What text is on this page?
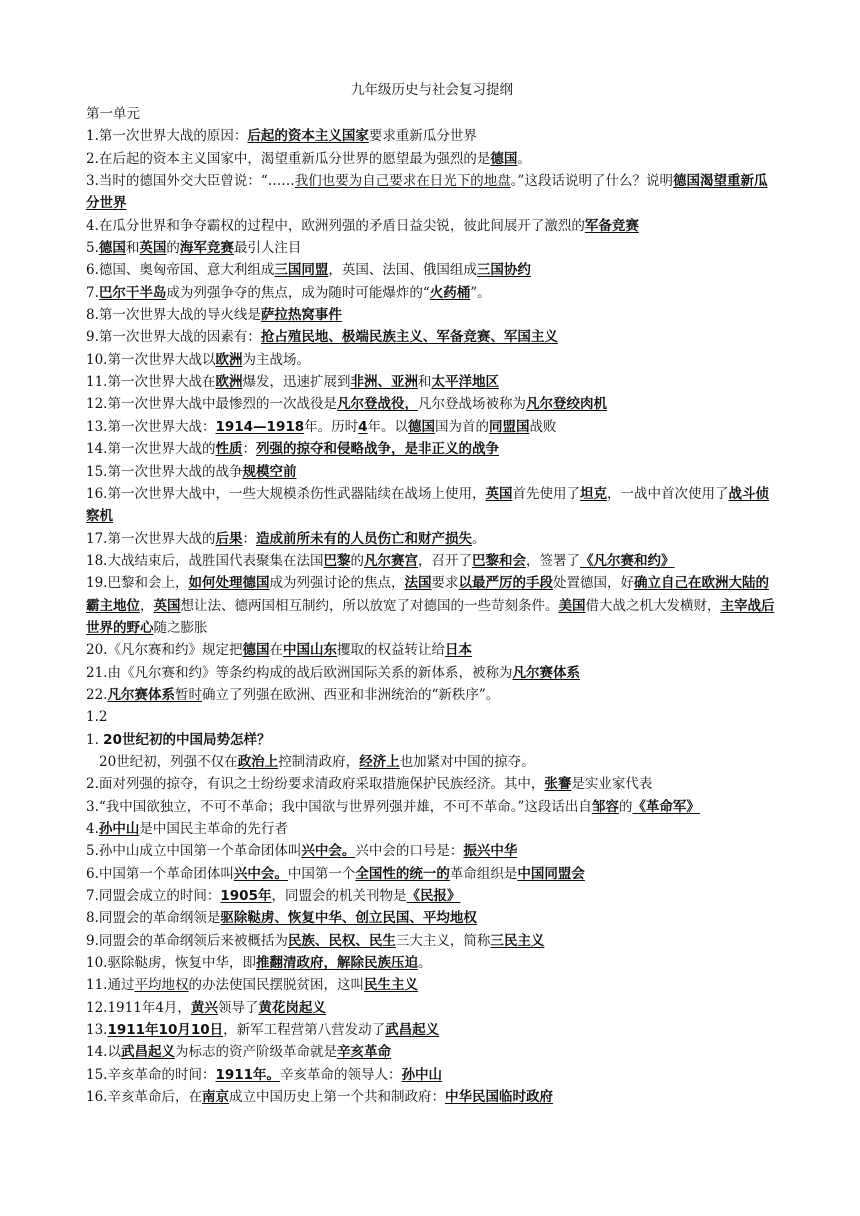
九年级历史与社会复习提纲

第一单元

1.第一次世界大战的原因：后起的资本主义国家要求重新瓜分世界

2.在后起的资本主义国家中，渴望重新瓜分世界的愿望最为强烈的是德国。

3.当时的德国外交大臣曾说：“……我们也要为自己要求在日光下的地盘。”这段话说明了什么？说明德国渴望重新瓜分世界

4.在瓜分世界和争夺霸权的过程中，欧洲列强的矛盾日益尖锐，彼此间展开了激烈的军备竞赛

5.德国和英国的海军竞赛最引人注目

6.德国、奥匈帝国、意大利组成三国同盟，英国、法国、俄国组成三国协约

7.巴尔干半岛成为列强争夺的焦点，成为随时可能爆炸的“火药桶”。

8.第一次世界大战的导火线是萨拉热窝事件

9.第一次世界大战的因素有：抢占殖民地、极端民族主义、军备竞赛、军国主义

10.第一次世界大战以欧洲为主战场。

11.第一次世界大战在欧洲爆发，迅速扩展到非洲、亚洲和太平洋地区

12.第一次世界大战中最惨烈的一次战役是凡尔登战役，凡尔登战场被称为凡尔登绞肉机

13.第一次世界大战：1914—1918年。历时4年。以德国国为首的同盟国战败

14.第一次世界大战的性质：列强的掠夺和侵略战争，是非正义的战争

15.第一次世界大战的战争规模空前

16.第一次世界大战中，一些大规模杀伤性武器陆续在战场上使用，英国首先使用了坦克，一战中首次使用了战斗侦察机

17.第一次世界大战的后果：造成前所未有的人员伤亡和财产损失。

18.大战结束后，战胜国代表聚集在法国巴黎的凡尔赛宫，召开了巴黎和会，签署了《凡尔赛和约》

19.巴黎和会上，如何处理德国成为列强讨论的焦点，法国要求以最严厉的手段处置德国，好确立自己在欧洲大陆的霸主地位，英国想让法、德两国相互制约，所以放宽了对德国的一些苛刻条件。美国借大战之机大发横财，主宰战后世界的野心随之膨胀

20.《凡尔赛和约》规定把德国在中国山东攫取的权益转让给日本

21.由《凡尔赛和约》等条约构成的战后欧洲国际关系的新体系，被称为凡尔赛体系

22.凡尔赛体系暂时确立了列强在欧洲、西亚和非洲统治的“新秩序”。

1.2

1. 20世纪初的中国局势怎样？

20世纪初，列强不仅在政治上控制清政府，经济上也加紧对中国的掠夺。

2.面对列强的掠夺，有识之士纷纷要求清政府采取措施保护民族经济。其中，张謇是实业家代表

3.“我中国欲独立，不可不革命；我中国欲与世界列强并雄，不可不革命。”这段话出自邹容的《革命军》

4.孙中山是中国民主革命的先行者

5.孙中山成立中国第一个革命团体叫兴中会。兴中会的口号是：振兴中华

6.中国第一个革命团体叫兴中会。中国第一个全国性的统一的革命组织是中国同盟会

7.同盟会成立的时间：1905年，同盟会的机关刊物是《民报》

8.同盟会的革命纲领是驱除鞑虏、恢复中华、创立民国、平均地权

9.同盟会的革命纲领后来被概括为民族、民权、民生三大主义，简称三民主义

10.驱除鞑虏，恢复中华，即推翻清政府，解除民族压迫。

11.通过平均地权的办法使国民摆脱贫困，这叫民生主义

12.1911年4月，黄兴领导了黄花岗起义

13.1911年10月10日，新军工程营第八营发动了武昌起义

14.以武昌起义为标志的资产阶级革命就是辛亥革命

15.辛亥革命的时间：1911年。辛亥革命的领导人：孙中山

16.辛亥革命后，在南京成立中国历史上第一个共和制政府：中华民国临时政府
